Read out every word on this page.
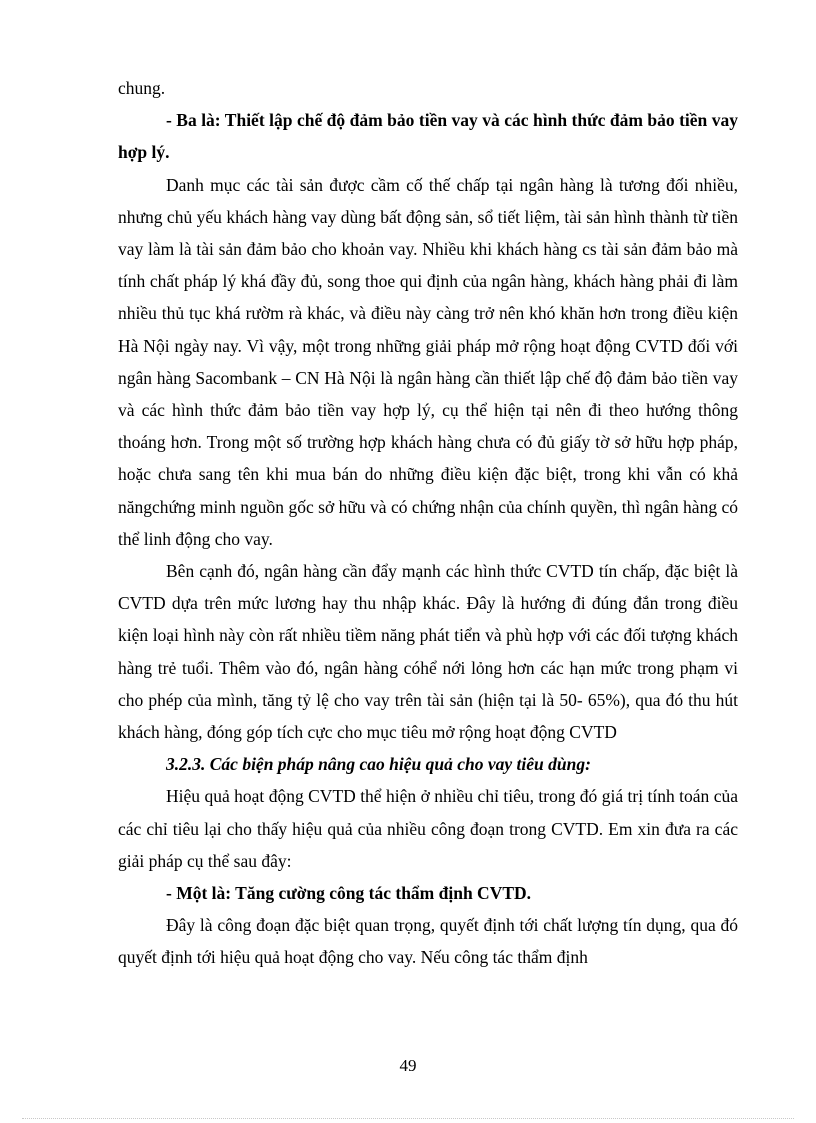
chung.

- Ba là: Thiết lập chế độ đảm bảo tiền vay và các hình thức đảm bảo tiền vay hợp lý.

Danh mục các tài sản được cầm cố thế chấp tại ngân hàng là tương đối nhiều, nhưng chủ yếu khách hàng vay dùng bất động sản, sổ tiết liệm, tài sản hình thành từ tiền vay làm là tài sản đảm bảo cho khoản vay. Nhiều khi khách hàng cs tài sản đảm bảo mà tính chất pháp lý khá đầy đủ, song thoe qui định của ngân hàng, khách hàng phải đi làm nhiều thủ tục khá rườm rà khác, và điều này càng trở nên khó khăn hơn trong điều kiện Hà Nội ngày nay. Vì vậy, một trong những giải pháp mở rộng hoạt động CVTD đối với ngân hàng Sacombank – CN Hà Nội là ngân hàng cần thiết lập chế độ đảm bảo tiền vay và các hình thức đảm bảo tiền vay hợp lý, cụ thể hiện tại nên đi theo hướng thông thoáng hơn. Trong một số trường hợp khách hàng chưa có đủ giấy tờ sở hữu hợp pháp, hoặc chưa sang tên khi mua bán do những điều kiện đặc biệt, trong khi vẫn có khả năngchứng minh nguồn gốc sở hữu và có chứng nhận của chính quyền, thì ngân hàng có thể linh động cho vay.

Bên cạnh đó, ngân hàng cần đẩy mạnh các hình thức CVTD tín chấp, đặc biệt là CVTD dựa trên mức lương hay thu nhập khác. Đây là hướng đi đúng đắn trong điều kiện loại hình này còn rất nhiều tiềm năng phát tiển và phù hợp với các đối tượng khách hàng trẻ tuổi. Thêm vào đó, ngân hàng cóhể nới lỏng hơn các hạn mức trong phạm vi cho phép của mình, tăng tỷ lệ cho vay trên tài sản (hiện tại là 50- 65%), qua đó thu hút khách hàng, đóng góp tích cực cho mục tiêu mở rộng hoạt động CVTD

3.2.3. Các biện pháp nâng cao hiệu quả cho vay tiêu dùng:

Hiệu quả hoạt động CVTD thể hiện ở nhiều chỉ tiêu, trong đó giá trị tính toán của các chỉ tiêu lại cho thấy hiệu quả của nhiều công đoạn trong CVTD. Em xin đưa ra các giải pháp cụ thể sau đây:

- Một là: Tăng cường công tác thẩm định CVTD.

Đây là công đoạn đặc biệt quan trọng, quyết định tới chất lượng tín dụng, qua đó quyết định tới hiệu quả hoạt động cho vay. Nếu công tác thẩm định

49
